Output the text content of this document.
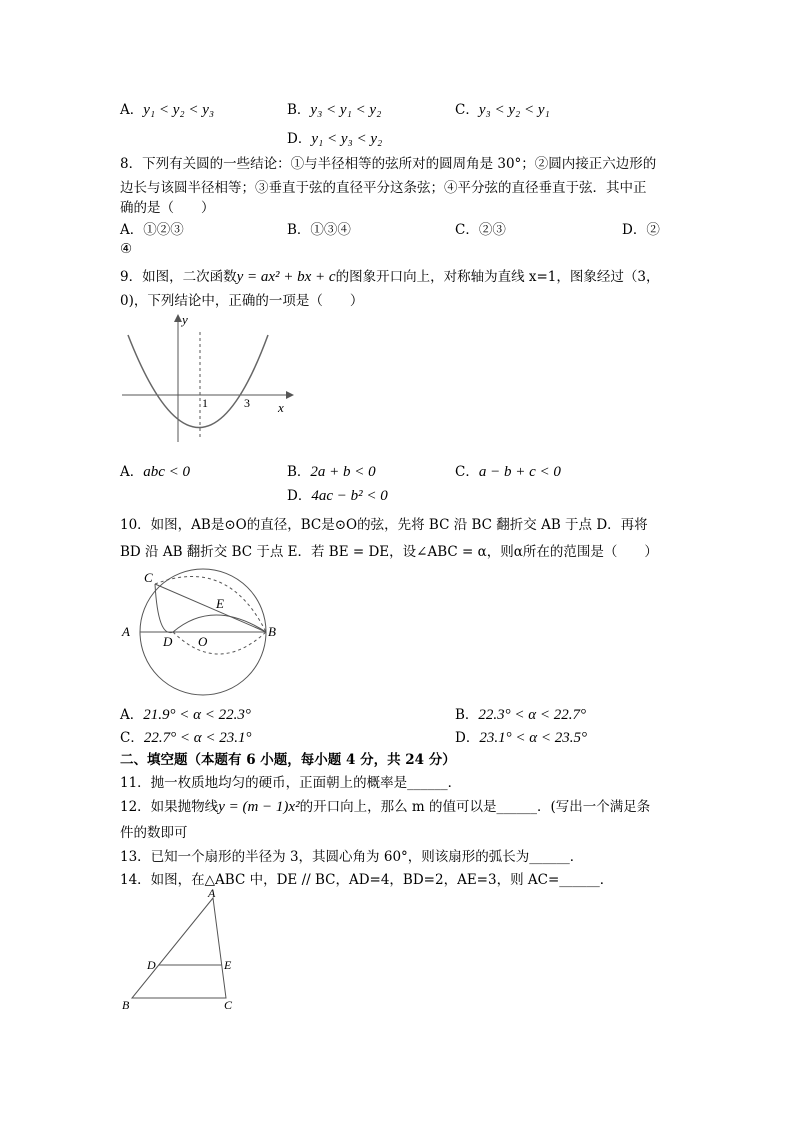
A．y₁ < y₂ < y₃	B．y₃ < y₁ < y₂	C．y₃ < y₂ < y₁
D．y₁ < y₃ < y₂
8．下列有关圆的一些结论：①与半径相等的弦所对的圆周角是 30°；②圆内接正六边形的
边长与该圆半径相等；③垂直于弦的直径平分这条弦；④平分弦的直径垂直于弦．其中正
确的是（　　）
A．①②③	B．①③④	C．②③	D．②
④
9．如图，二次函数y = ax² + bx + c的图象开口向上，对称轴为直线 x=1，图象经过（3，
0)，下列结论中，正确的一项是（　　）
y
x
1	3
A．abc < 0	B．2a + b < 0	C．a − b + c < 0
D．4ac − b² < 0
10．如图，AB是⊙O的直径，BC是⊙O的弦，先将 BC 沿 BC 翻折交 AB 于点 D．再将
BD 沿 AB 翻折交 BC 于点 E．若 BE = DE，设∠ABC = α，则α所在的范围是（　　）
C
E
A
D O
B
A．21.9° < α < 22.3°	B．22.3° < α < 22.7°
C．22.7° < α < 23.1°	D．23.1° < α < 23.5°
二、填空题（本题有 6 小题，每小题 4 分，共 24 分）
11．抛一枚质地均匀的硬币，正面朝上的概率是______．
12．如果抛物线y = (m − 1)x²的开口向上，那么 m 的值可以是______．(写出一个满足条
件的数即可
13．已知一个扇形的半径为 3，其圆心角为 60°，则该扇形的弧长为______．
14．如图，在△ABC 中，DE // BC，AD=4，BD=2，AE=3，则 AC=______．
A
D	E
B	C
